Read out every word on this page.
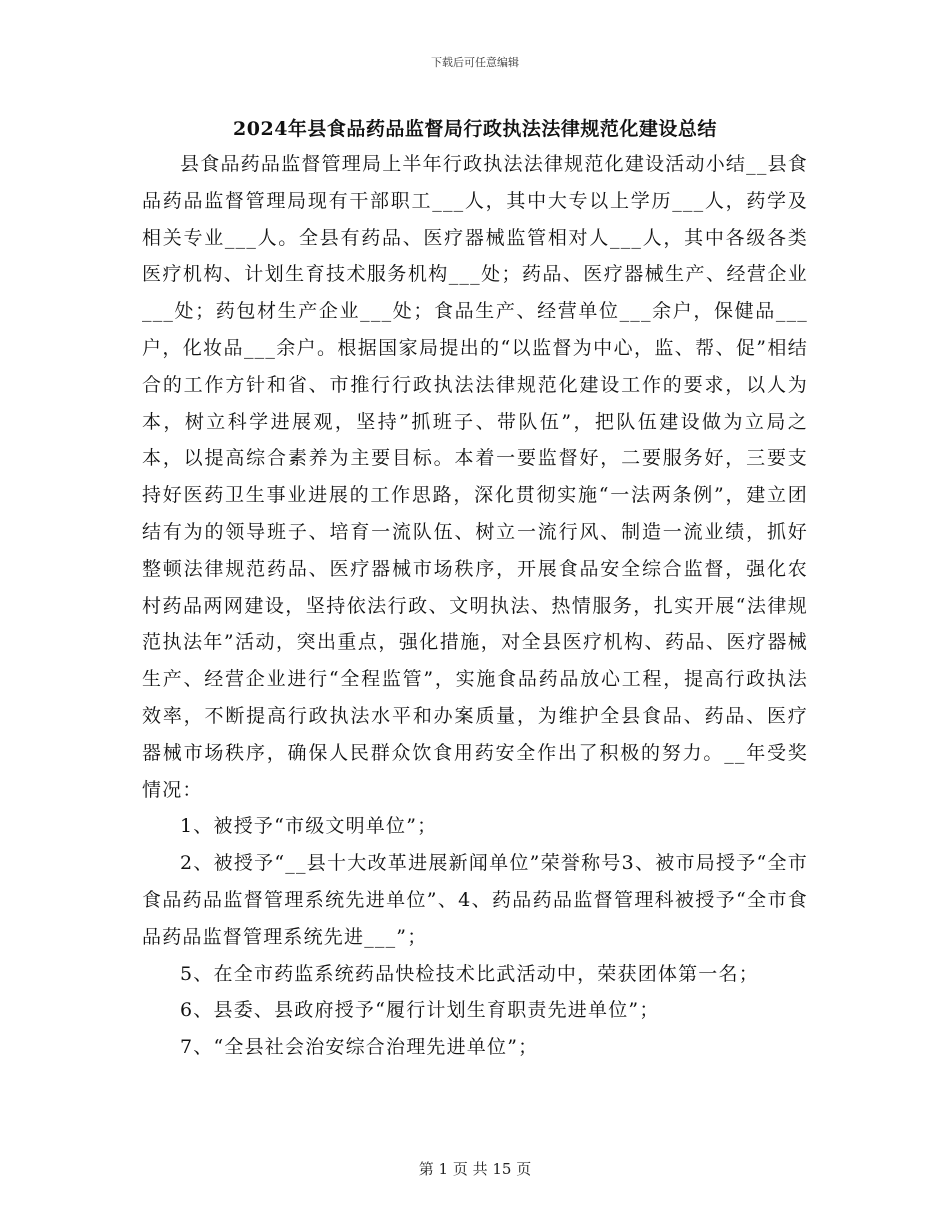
下载后可任意编辑
2024年县食品药品监督局行政执法法律规范化建设总结

县食品药品监督管理局上半年行政执法法律规范化建设活动小结__县食品药品监督管理局现有干部职工___人，其中大专以上学历___人，药学及相关专业___人。全县有药品、医疗器械监管相对人___人，其中各级各类医疗机构、计划生育技术服务机构___处；药品、医疗器械生产、经营企业___处；药包材生产企业___处；食品生产、经营单位___余户，保健品___户，化妆品___余户。根据国家局提出的“以监督为中心，监、帮、促”相结合的工作方针和省、市推行行政执法法律规范化建设工作的要求，以人为本，树立科学进展观，坚持”抓班子、带队伍”，把队伍建设做为立局之本，以提高综合素养为主要目标。本着一要监督好，二要服务好，三要支持好医药卫生事业进展的工作思路，深化贯彻实施“一法两条例”，建立团结有为的领导班子、培育一流队伍、树立一流行风、制造一流业绩，抓好整顿法律规范药品、医疗器械市场秩序，开展食品安全综合监督，强化农村药品两网建设，坚持依法行政、文明执法、热情服务，扎实开展“法律规范执法年”活动，突出重点，强化措施，对全县医疗机构、药品、医疗器械生产、经营企业进行“全程监管”，实施食品药品放心工程，提高行政执法效率，不断提高行政执法水平和办案质量，为维护全县食品、药品、医疗器械市场秩序，确保人民群众饮食用药安全作出了积极的努力。__年受奖情况：

1、被授予“市级文明单位”；

2、被授予“__县十大改革进展新闻单位”荣誉称号3、被市局授予“全市食品药品监督管理系统先进单位”、4、药品药品监督管理科被授予“全市食品药品监督管理系统先进___”；

5、在全市药监系统药品快检技术比武活动中，荣获团体第一名；

6、县委、县政府授予“履行计划生育职责先进单位”；

7、“全县社会治安综合治理先进单位”；

第 1 页 共 15 页
